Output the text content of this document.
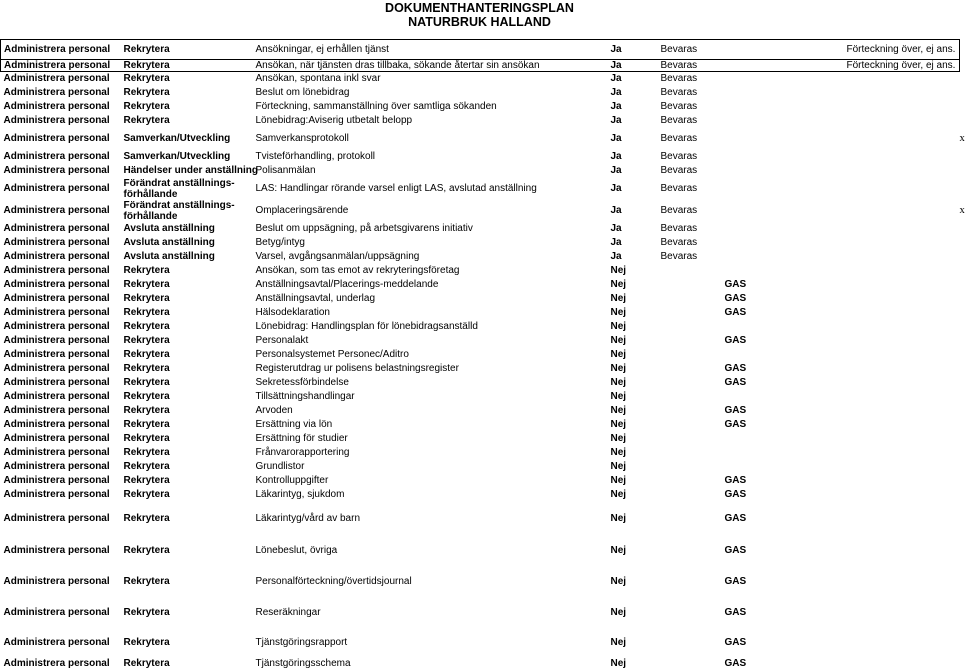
DOKUMENTHANTERINGSPLAN
NATURBRUK HALLAND
Administrera personal	Rekrytera	Ansökningar, ej erhållen tjänst	Ja	Bevaras		Förteckning över, ej ans.	
Administrera personal	Rekrytera	Ansökan, när tjänsten dras tillbaka, sökande återtar sin ansökan	Ja	Bevaras		Förteckning över, ej ans.	
Administrera personal	Rekrytera	Ansökan, spontana inkl svar	Ja	Bevaras			
Administrera personal	Rekrytera	Beslut om lönebidrag	Ja	Bevaras			
Administrera personal	Rekrytera	Förteckning, sammanställning över samtliga sökanden	Ja	Bevaras			
Administrera personal	Rekrytera	Lönebidrag:Aviserig utbetalt belopp	Ja	Bevaras			
Administrera personal	Samverkan/Utveckling	Samverkansprotokoll	Ja	Bevaras			x
Administrera personal	Samverkan/Utveckling	Tvisteförhandling, protokoll	Ja	Bevaras			
Administrera personal	Händelser under anställning	Polisanmälan	Ja	Bevaras			
Administrera personal	Förändrat anställnings-
förhållande	LAS: Handlingar rörande varsel enligt LAS, avslutad anställning	Ja	Bevaras			
Administrera personal	Förändrat anställnings-
förhållande	Omplaceringsärende	Ja	Bevaras			x
Administrera personal	Avsluta anställning	Beslut om uppsägning, på arbetsgivarens initiativ	Ja	Bevaras			
Administrera personal	Avsluta anställning	Betyg/intyg	Ja	Bevaras			
Administrera personal	Avsluta anställning	Varsel, avgångsanmälan/uppsägning	Ja	Bevaras			
Administrera personal	Rekrytera	Ansökan, som tas emot av rekryteringsföretag	Nej				
Administrera personal	Rekrytera	Anställningsavtal/Placerings-meddelande	Nej		GAS		
Administrera personal	Rekrytera	Anställningsavtal, underlag	Nej		GAS		
Administrera personal	Rekrytera	Hälsodeklaration	Nej		GAS		
Administrera personal	Rekrytera	Lönebidrag: Handlingsplan för lönebidragsanställd	Nej				
Administrera personal	Rekrytera	Personalakt	Nej		GAS		
Administrera personal	Rekrytera	Personalsystemet Personec/Aditro	Nej				
Administrera personal	Rekrytera	Registerutdrag ur polisens belastningsregister	Nej		GAS		
Administrera personal	Rekrytera	Sekretessförbindelse	Nej		GAS		
Administrera personal	Rekrytera	Tillsättningshandlingar	Nej				
Administrera personal	Rekrytera	Arvoden	Nej		GAS		
Administrera personal	Rekrytera	Ersättning via lön	Nej		GAS		
Administrera personal	Rekrytera	Ersättning för studier	Nej				
Administrera personal	Rekrytera	Frånvarorapportering	Nej				
Administrera personal	Rekrytera	Grundlistor	Nej				
Administrera personal	Rekrytera	Kontrolluppgifter	Nej		GAS		
Administrera personal	Rekrytera	Läkarintyg, sjukdom	Nej		GAS		
Administrera personal	Rekrytera	Läkarintyg/vård av barn	Nej		GAS		
Administrera personal	Rekrytera	Lönebeslut, övriga	Nej		GAS		
Administrera personal	Rekrytera	Personalförteckning/övertidsjournal	Nej		GAS		
Administrera personal	Rekrytera	Reseräkningar	Nej		GAS		
Administrera personal	Rekrytera	Tjänstgöringsrapport	Nej		GAS		
Administrera personal	Rekrytera	Tjänstgöringsschema	Nej		GAS		
